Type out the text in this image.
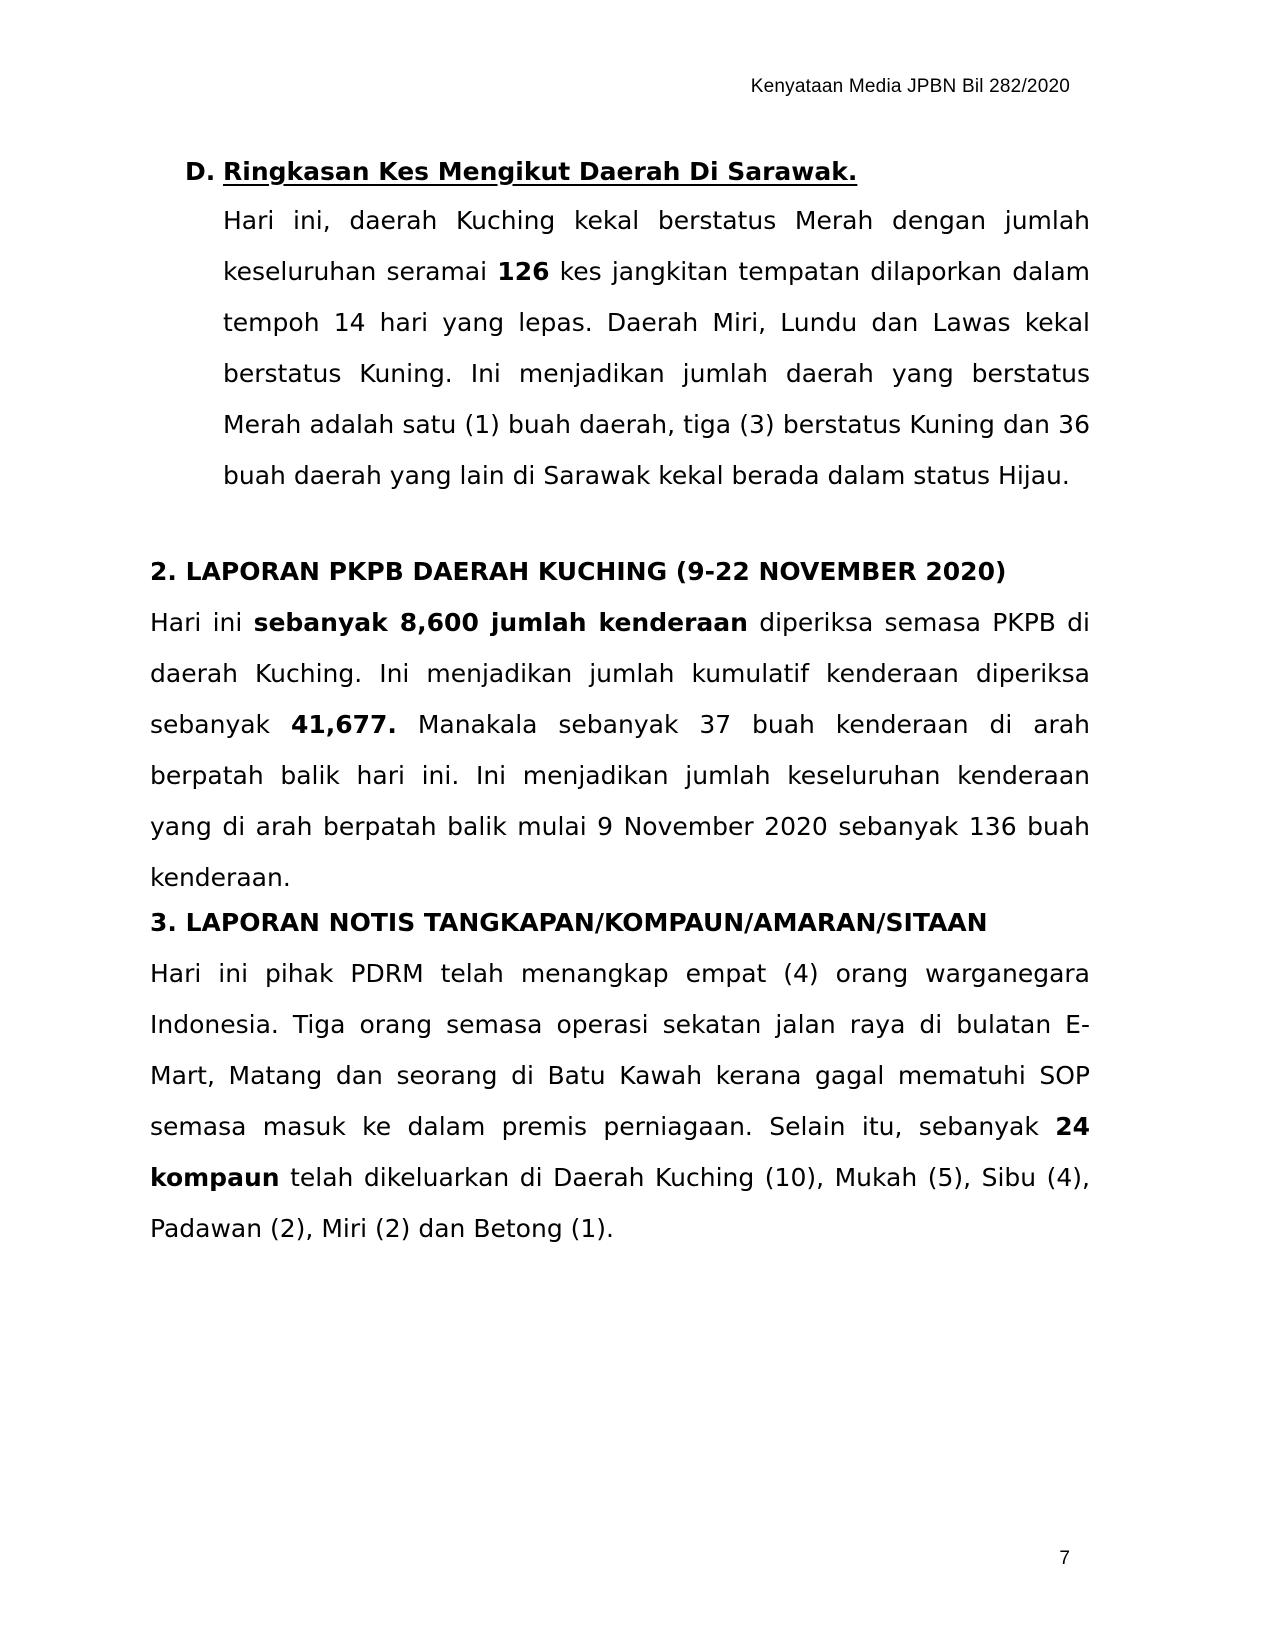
Kenyataan Media JPBN Bil 282/2020
D. Ringkasan Kes Mengikut Daerah Di Sarawak.

Hari ini, daerah Kuching kekal berstatus Merah dengan jumlah keseluruhan seramai 126 kes jangkitan tempatan dilaporkan dalam tempoh 14 hari yang lepas. Daerah Miri, Lundu dan Lawas kekal berstatus Kuning. Ini menjadikan jumlah daerah yang berstatus Merah adalah satu (1) buah daerah, tiga (3) berstatus Kuning dan 36 buah daerah yang lain di Sarawak kekal berada dalam status Hijau.

2. LAPORAN PKPB DAERAH KUCHING (9-22 NOVEMBER 2020)

Hari ini sebanyak 8,600 jumlah kenderaan diperiksa semasa PKPB di daerah Kuching. Ini menjadikan jumlah kumulatif kenderaan diperiksa sebanyak 41,677. Manakala sebanyak 37 buah kenderaan di arah berpatah balik hari ini. Ini menjadikan jumlah keseluruhan kenderaan yang di arah berpatah balik mulai 9 November 2020 sebanyak 136 buah kenderaan.

3. LAPORAN NOTIS TANGKAPAN/KOMPAUN/AMARAN/SITAAN

Hari ini pihak PDRM telah menangkap empat (4) orang warganegara Indonesia. Tiga orang semasa operasi sekatan jalan raya di bulatan E-Mart, Matang dan seorang di Batu Kawah kerana gagal mematuhi SOP semasa masuk ke dalam premis perniagaan. Selain itu, sebanyak 24 kompaun telah dikeluarkan di Daerah Kuching (10), Mukah (5), Sibu (4), Padawan (2), Miri (2) dan Betong (1).

7
